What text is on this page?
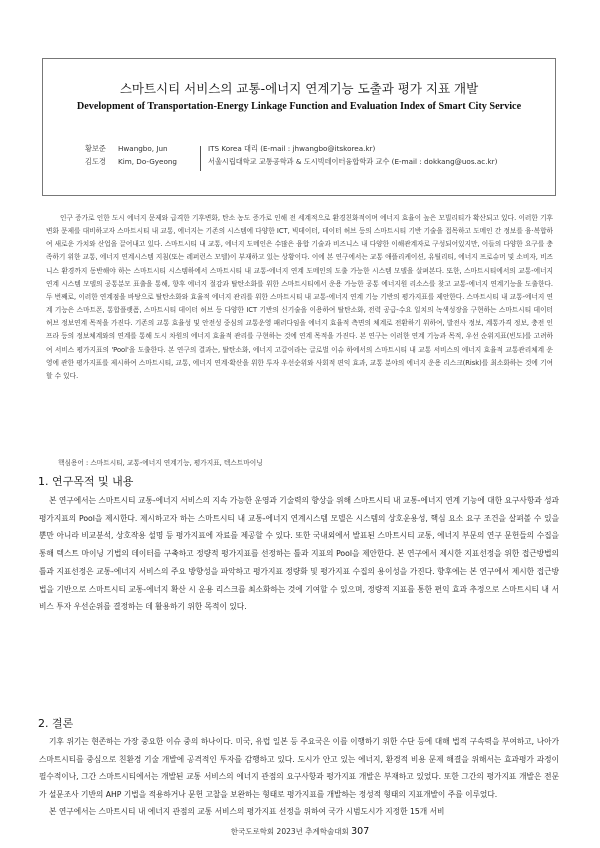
스마트시티 서비스의 교통-에너지 연계기능 도출과 평가 지표 개발
Development of Transportation-Energy Linkage Function and Evaluation Index of Smart City Service
황보준 Hwangbo, Jun	ITS Korea 대리 (E-mail : jhwangbo@itskorea.kr)
김도경 Kim, Do-Gyeong	서울시립대학교 교통공학과 & 도시빅데이터융합학과 교수 (E-mail : dokkang@uos.ac.kr)
인구 증가로 인한 도시 에너지 문제와 급격한 기후변화, 탄소 농도 증가로 인해 전 세계적으로 환경친화적이며 에너지 효율이 높은 모빌리티가 확산되고 있다. 이러한 기후변화 문제를 대비하고자 스마트시티 내 교통, 에너지는 기존의 시스템에 다양한 ICT, 빅데이터, 데이터 허브 등의 스마트시티 기반 기술을 접목하고 도메인 간 정보를 융·복합하여 새로운 가치와 산업을 끌어내고 있다. 스마트시티 내 교통, 에너지 도메인은 수많은 융합 기술과 비즈니스 내 다양한 이해관계자로 구성되어있지만, 이들의 다양한 요구를 충족하기 위한 교통, 에너지 연계시스템 지침(또는 레퍼런스 모델)이 부재하고 있는 상황이다. 이에 본 연구에서는 교통 애플리케이션, 유틸리티, 에너지 프로슈머 및 소비자, 비즈니스 환경까지 동반해야 하는 스마트시티 시스템하에서 스마트시티 내 교통-에너지 연계 도메인의 도출 가능한 시스템 모델을 살펴본다. 또한, 스마트시티에서의 교통-에너지 연계 시스템 모델의 공통분모 표출을 통해, 향후 에너지 절감과 탈탄소화를 위한 스마트시티에서 운용 가능한 공통 에너지원 리소스를 찾고 교통-에너지 연계기능을 도출한다. 두 번째로, 이러한 연계점을 바탕으로 탈탄소화와 효율적 에너지 관리를 위한 스마트시티 내 교통-에너지 연계 기능 기반의 평가지표를 제안한다. 스마트시티 내 교통-에너지 연계 기능은 스마트폰, 통합플랫폼, 스마트시티 데이터 허브 등 다양한 ICT 기반의 신기술을 이용하여 탈탄소화, 전력 공급-수요 일치의 녹색성장을 구현하는 스마트시티 데이터 허브 정보연계 목적을 가진다. 기존의 교통 효율성 및 안전성 중심의 교통운영 패러다임을 에너지 효율적 측면의 체계로 전환하기 위하여, 발전사 정보, 계통가격 정보, 충전 인프라 등의 정보체계와의 연계를 통해 도시 차원의 에너지 효율적 관리를 구현하는 것에 연계 목적을 가진다. 본 연구는 이러한 연계 기능과 목적, 우선 순위지표(빈도)를 고려하여 서비스 평가지표의 'Pool'을 도출한다. 본 연구의 결과는, 탈탄소화, 에너지 고갈이라는 글로벌 이슈 하에서의 스마트시티 내 교통 서비스의 에너지 효율적 교통관리체계 운영에 관한 평가지표를 제시하여 스마트시티, 교통, 에너지 연계·확산을 위한 투자 우선순위와 사회적 편익 효과, 교통 분야의 에너지 운용 리스크(Risk)를 최소화하는 것에 기여할 수 있다.
핵심용어 : 스마트시티, 교통-에너지 연계기능, 평가지표, 텍스트마이닝
1. 연구목적 및 내용
본 연구에서는 스마트시티 교통-에너지 서비스의 지속 가능한 운영과 기술력의 향상을 위해 스마트시티 내 교통-에너지 연계 기능에 대한 요구사항과 성과 평가지표의 Pool을 제시한다. 제시하고자 하는 스마트시티 내 교통-에너지 연계시스템 모델은 시스템의 상호운용성, 핵심 요소 요구 조건을 살펴볼 수 있을 뿐만 아니라 비교분석, 상호작용 설명 등 평가지표에 자료를 제공할 수 있다. 또한 국내외에서 발표된 스마트시티 교통, 에너지 부문의 연구 문헌들의 수집을 통해 텍스트 마이닝 기법의 데이터를 구축하고 정량적 평가지표를 선정하는 틀과 지표의 Pool을 제안한다. 본 연구에서 제시한 지표선정을 위한 접근방법의 틀과 지표선정은 교통-에너지 서비스의 주요 방향성을 파악하고 평가지표 정량화 및 평가지표 수집의 용이성을 가진다. 향후에는 본 연구에서 제시한 접근방법을 기반으로 스마트시티 교통-에너지 확산 시 운용 리스크를 최소화하는 것에 기여할 수 있으며, 정량적 지표를 통한 편익 효과 추정으로 스마트시티 내 서비스 투자 우선순위를 결정하는 데 활용하기 위한 목적이 있다.
2. 결론
기후 위기는 현존하는 가장 중요한 이슈 중의 하나이다. 미국, 유럽 일본 등 주요국은 이를 이행하기 위한 수단 등에 대해 법적 구속력을 부여하고, 나아가 스마트시티를 중심으로 친환경 기술 개발에 공격적인 투자를 감행하고 있다. 도시가 안고 있는 에너지, 환경적 비용 문제 해결을 위해서는 효과평가 과정이 필수적이나, 그간 스마트시티에서는 개발된 교통 서비스의 에너지 관점의 요구사항과 평가지표 개발은 부재하고 있었다. 또한 그간의 평가지표 개발은 전문가 설문조사 기반의 AHP 기법을 적용하거나 문헌 고찰을 보완하는 형태로 평가지표를 개발하는 정성적 형태의 지표개발이 주를 이루었다.
본 연구에서는 스마트시티 내 에너지 관점의 교통 서비스의 평가지표 선정을 위하여 국가 시범도시가 지정한 15개 서비
한국도로학회 2023년 추계학술대회 307
